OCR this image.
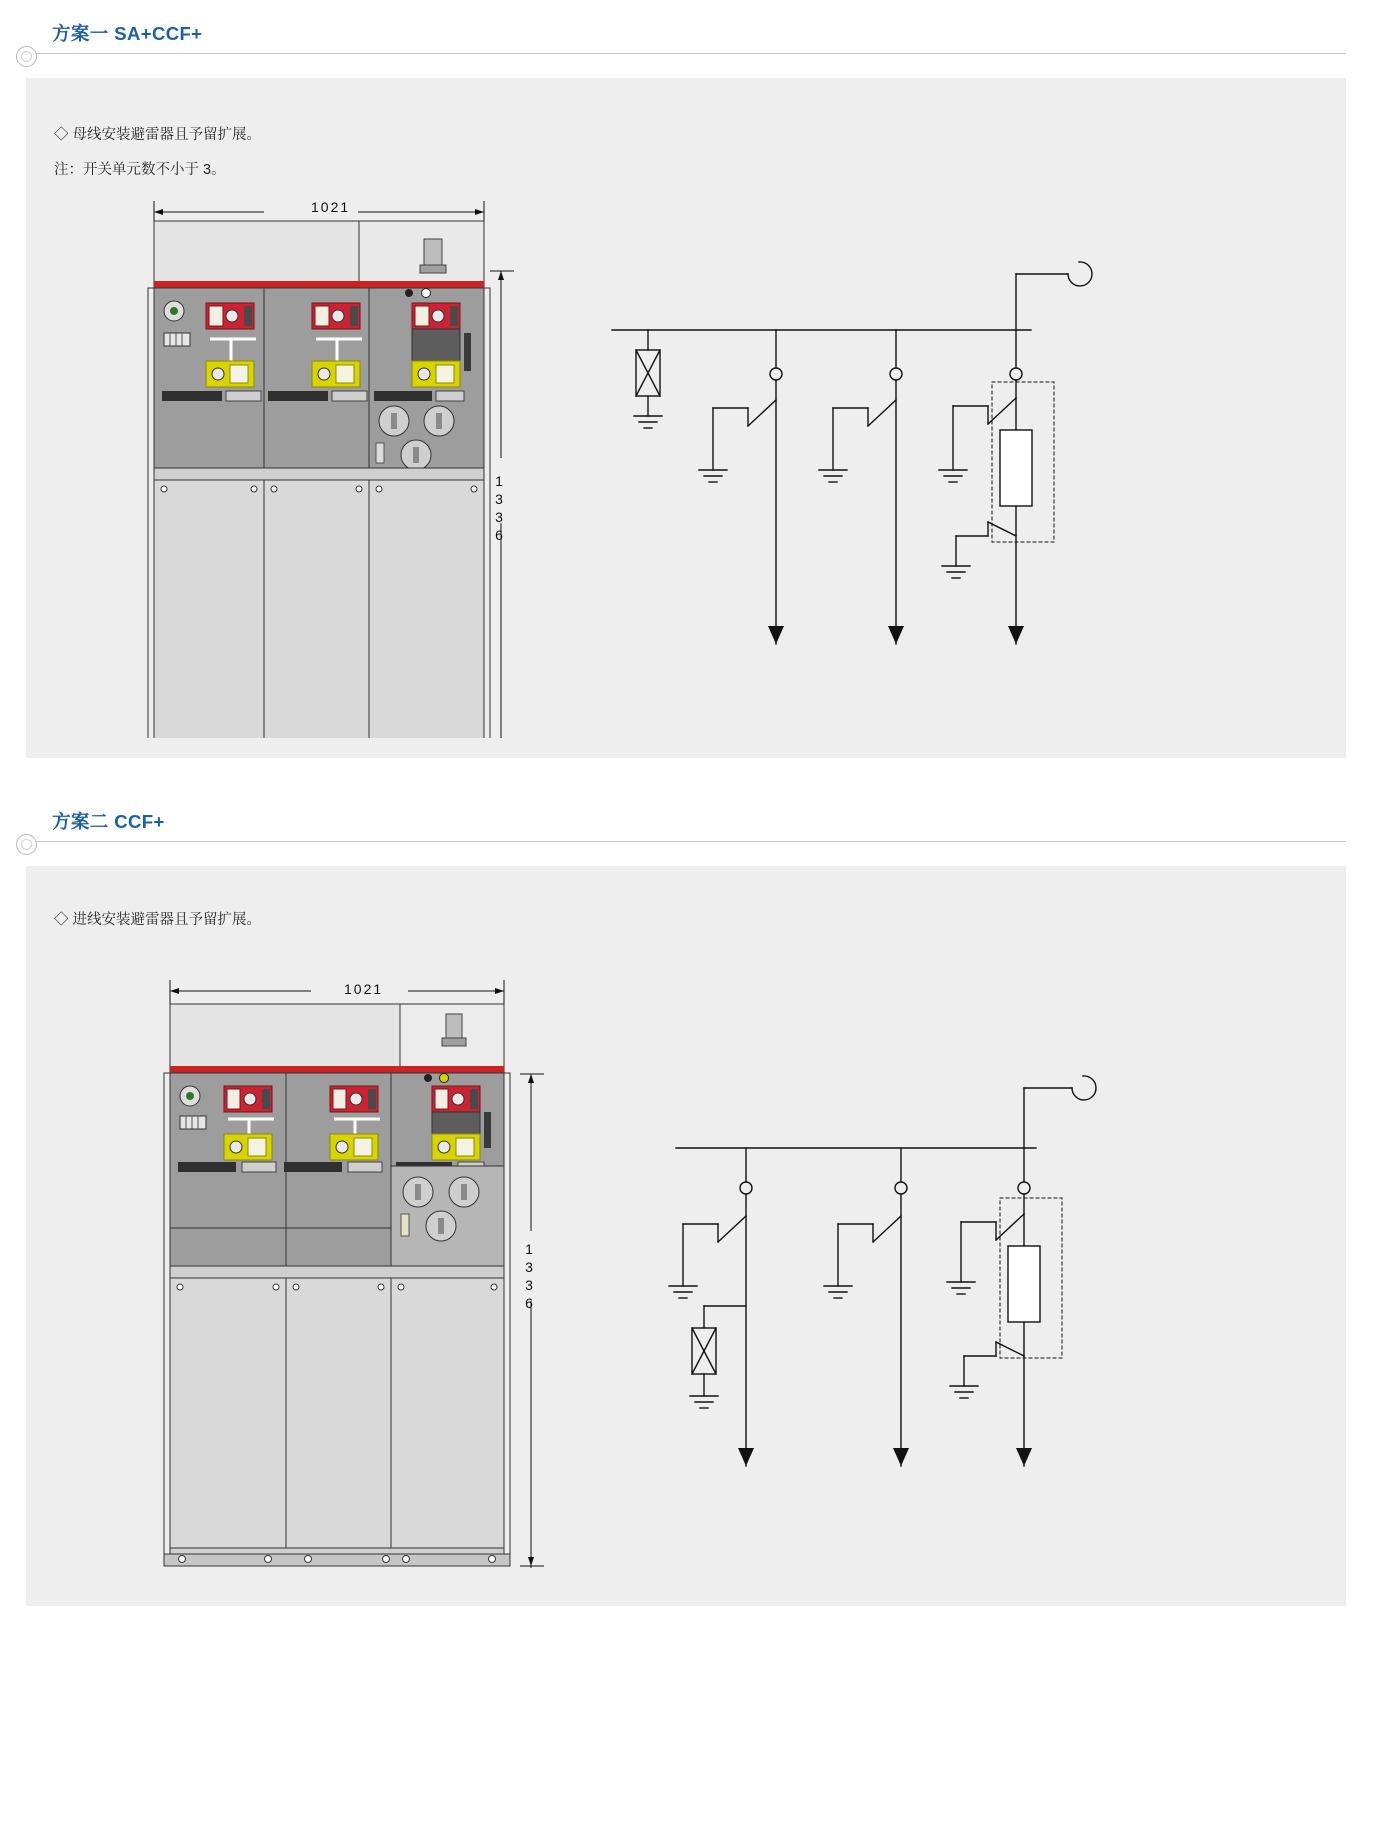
方案一 SA+CCF+
◇ 母线安装避雷器且予留扩展。
注：开关单元数不小于 3。
1021
1336
方案二 CCF+
◇ 进线安装避雷器且予留扩展。
1021
1336
